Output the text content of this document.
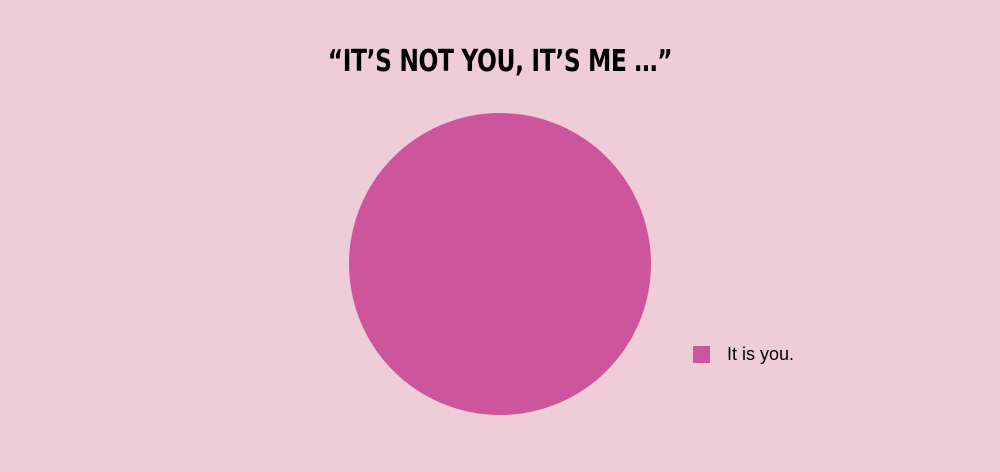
“IT’S NOT YOU, IT’S ME …”
It is you.
